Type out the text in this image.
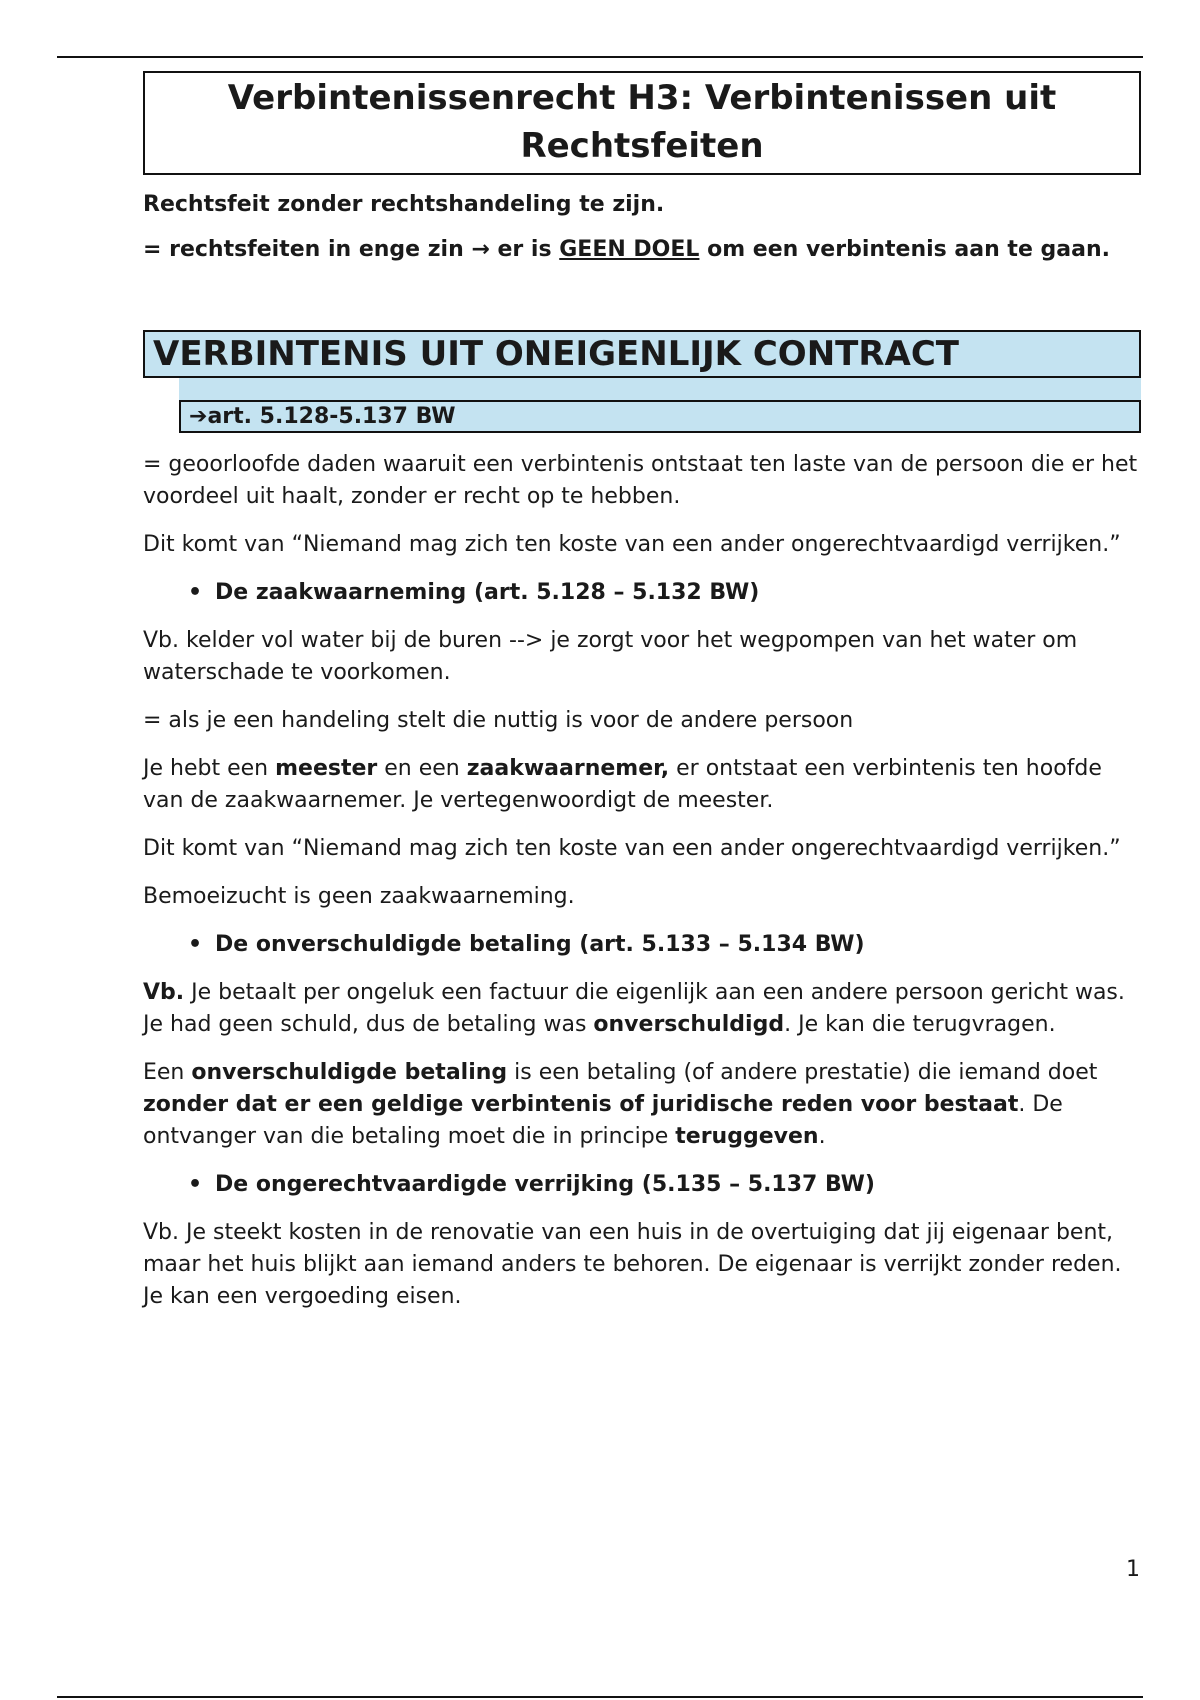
Verbintenissenrecht H3: Verbintenissen uit
Rechtsfeiten

Rechtsfeit zonder rechtshandeling te zijn.

= rechtsfeiten in enge zin → er is GEEN DOEL om een verbintenis aan te gaan.

VERBINTENIS UIT ONEIGENLIJK CONTRACT
➔art. 5.128-5.137 BW

= geoorloofde daden waaruit een verbintenis ontstaat ten laste van de persoon die er het voordeel uit haalt, zonder er recht op te hebben.

Dit komt van “Niemand mag zich ten koste van een ander ongerechtvaardigd verrijken.”

• De zaakwaarneming (art. 5.128 – 5.132 BW)

Vb. kelder vol water bij de buren --> je zorgt voor het wegpompen van het water om waterschade te voorkomen.

= als je een handeling stelt die nuttig is voor de andere persoon

Je hebt een meester en een zaakwaarnemer, er ontstaat een verbintenis ten hoofde van de zaakwaarnemer. Je vertegenwoordigt de meester.

Dit komt van “Niemand mag zich ten koste van een ander ongerechtvaardigd verrijken.”

Bemoeizucht is geen zaakwaarneming.

• De onverschuldigde betaling (art. 5.133 – 5.134 BW)

Vb. Je betaalt per ongeluk een factuur die eigenlijk aan een andere persoon gericht was. Je had geen schuld, dus de betaling was onverschuldigd. Je kan die terugvragen.

Een onverschuldigde betaling is een betaling (of andere prestatie) die iemand doet zonder dat er een geldige verbintenis of juridische reden voor bestaat. De ontvanger van die betaling moet die in principe teruggeven.

• De ongerechtvaardigde verrijking (5.135 – 5.137 BW)

Vb. Je steekt kosten in de renovatie van een huis in de overtuiging dat jij eigenaar bent, maar het huis blijkt aan iemand anders te behoren. De eigenaar is verrijkt zonder reden. Je kan een vergoeding eisen.

1
